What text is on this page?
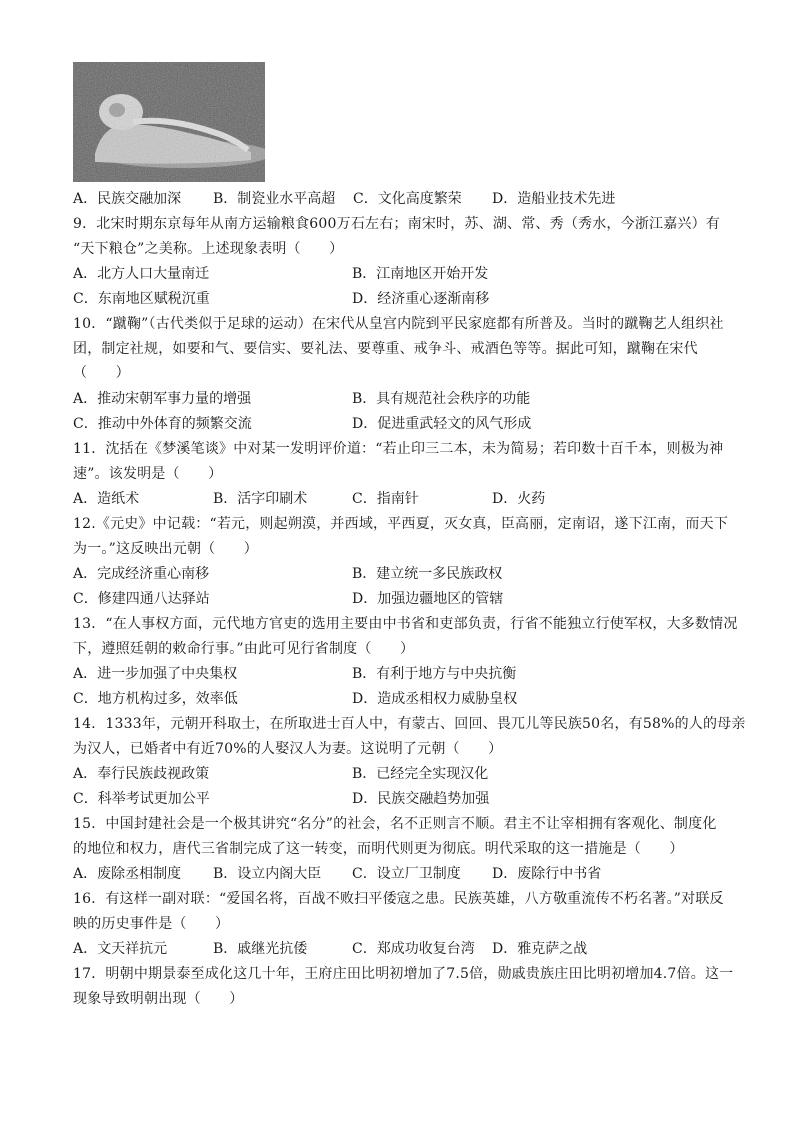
A．民族交融加深 B．制瓷业水平高超 C．文化高度繁荣 D．造船业技术先进
9．北宋时期东京每年从南方运输粮食600万石左右；南宋时，苏、湖、常、秀（秀水，今浙江嘉兴）有
“天下粮仓”之美称。上述现象表明（　　）
A．北方人口大量南迁	B．江南地区开始开发
C．东南地区赋税沉重	D．经济重心逐渐南移
10．“蹴鞠”（古代类似于足球的运动）在宋代从皇宫内院到平民家庭都有所普及。当时的蹴鞠艺人组织社
团，制定社规，如要和气、要信实、要礼法、要尊重、戒争斗、戒酒色等等。据此可知，蹴鞠在宋代
（　　）
A．推动宋朝军事力量的增强	B．具有规范社会秩序的功能
C．推动中外体育的频繁交流	D．促进重武轻文的风气形成
11．沈括在《梦溪笔谈》中对某一发明评价道：“若止印三二本，未为简易；若印数十百千本，则极为神
速”。该发明是（　　）
A．造纸术	B．活字印刷术	C．指南针	D．火药
12.《元史》中记载：“若元，则起朔漠，并西域，平西夏，灭女真，臣高丽，定南诏，遂下江南，而天下
为一。”这反映出元朝（　　）
A．完成经济重心南移	B．建立统一多民族政权
C．修建四通八达驿站	D．加强边疆地区的管辖
13．“在人事权方面，元代地方官吏的选用主要由中书省和吏部负责，行省不能独立行使军权，大多数情况
下，遵照廷朝的敕命行事。”由此可见行省制度（　　）
A．进一步加强了中央集权	B．有利于地方与中央抗衡
C．地方机构过多，效率低	D．造成丞相权力威胁皇权
14．1333年，元朝开科取士，在所取进士百人中，有蒙古、回回、畏兀儿等民族50名，有58%的人的母亲
为汉人，已婚者中有近70%的人娶汉人为妻。这说明了元朝（　　）
A．奉行民族歧视政策	B．已经完全实现汉化
C．科举考试更加公平	D．民族交融趋势加强
15．中国封建社会是一个极其讲究“名分”的社会，名不正则言不顺。君主不让宰相拥有客观化、制度化
的地位和权力，唐代三省制完成了这一转变，而明代则更为彻底。明代采取的这一措施是（　　）
A．废除丞相制度 B．设立内阁大臣 C．设立厂卫制度 D．废除行中书省
16．有这样一副对联：“爱国名将，百战不败扫平倭寇之患。民族英雄，八方敬重流传不朽名著。”对联反
映的历史事件是（　　）
A．文天祥抗元	B．戚继光抗倭	C．郑成功收复台湾 D．雅克萨之战
17．明朝中期景泰至成化这几十年，王府庄田比明初增加了7.5倍，勋戚贵族庄田比明初增加4.7倍。这一
现象导致明朝出现（　　）
